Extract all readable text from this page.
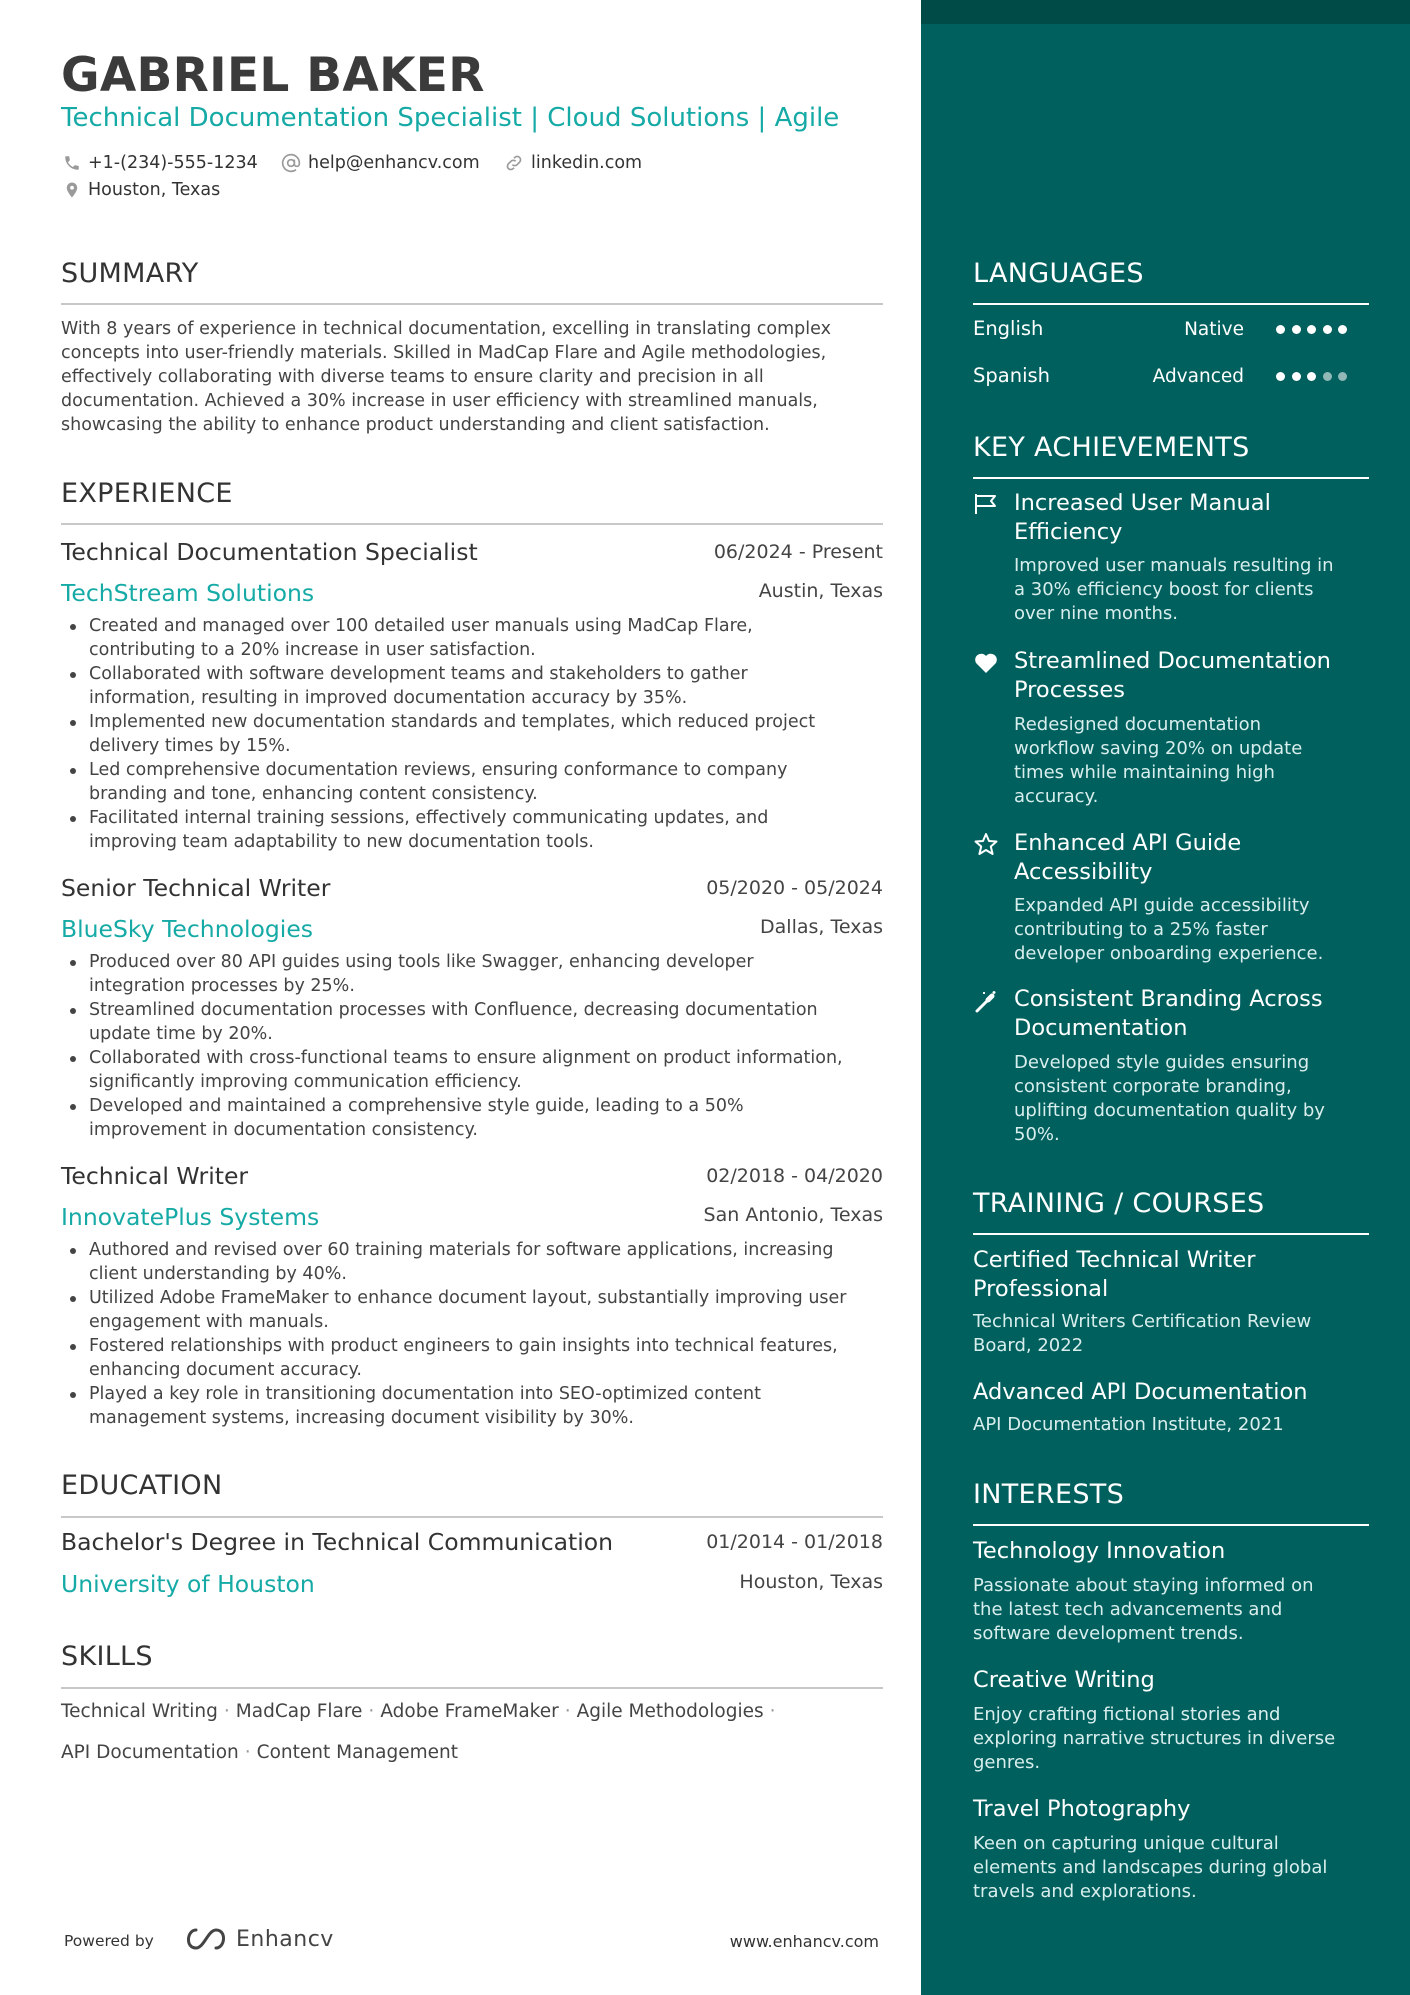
GABRIEL BAKER
Technical Documentation Specialist | Cloud Solutions | Agile
+1-(234)-555-1234	help@enhancv.com	linkedin.com
Houston, Texas
SUMMARY
With 8 years of experience in technical documentation, excelling in translating complex
concepts into user-friendly materials. Skilled in MadCap Flare and Agile methodologies,
effectively collaborating with diverse teams to ensure clarity and precision in all
documentation. Achieved a 30% increase in user efficiency with streamlined manuals,
showcasing the ability to enhance product understanding and client satisfaction.
EXPERIENCE
Technical Documentation Specialist	06/2024 - Present
TechStream Solutions	Austin, Texas
Created and managed over 100 detailed user manuals using MadCap Flare,
contributing to a 20% increase in user satisfaction.
Collaborated with software development teams and stakeholders to gather
information, resulting in improved documentation accuracy by 35%.
Implemented new documentation standards and templates, which reduced project
delivery times by 15%.
Led comprehensive documentation reviews, ensuring conformance to company
branding and tone, enhancing content consistency.
Facilitated internal training sessions, effectively communicating updates, and
improving team adaptability to new documentation tools.
Senior Technical Writer	05/2020 - 05/2024
BlueSky Technologies	Dallas, Texas
Produced over 80 API guides using tools like Swagger, enhancing developer
integration processes by 25%.
Streamlined documentation processes with Confluence, decreasing documentation
update time by 20%.
Collaborated with cross-functional teams to ensure alignment on product information,
significantly improving communication efficiency.
Developed and maintained a comprehensive style guide, leading to a 50%
improvement in documentation consistency.
Technical Writer	02/2018 - 04/2020
InnovatePlus Systems	San Antonio, Texas
Authored and revised over 60 training materials for software applications, increasing
client understanding by 40%.
Utilized Adobe FrameMaker to enhance document layout, substantially improving user
engagement with manuals.
Fostered relationships with product engineers to gain insights into technical features,
enhancing document accuracy.
Played a key role in transitioning documentation into SEO-optimized content
management systems, increasing document visibility by 30%.
EDUCATION
Bachelor's Degree in Technical Communication	01/2014 - 01/2018
University of Houston	Houston, Texas
SKILLS
Technical Writing · MadCap Flare · Adobe FrameMaker · Agile Methodologies ·
API Documentation · Content Management
Powered by	Enhancv	www.enhancv.com
LANGUAGES
English	Native
Spanish	Advanced
KEY ACHIEVEMENTS
Increased User Manual
Efficiency
Improved user manuals resulting in
a 30% efficiency boost for clients
over nine months.
Streamlined Documentation
Processes
Redesigned documentation
workflow saving 20% on update
times while maintaining high
accuracy.
Enhanced API Guide
Accessibility
Expanded API guide accessibility
contributing to a 25% faster
developer onboarding experience.
Consistent Branding Across
Documentation
Developed style guides ensuring
consistent corporate branding,
uplifting documentation quality by
50%.
TRAINING / COURSES
Certified Technical Writer
Professional
Technical Writers Certification Review
Board, 2022
Advanced API Documentation
API Documentation Institute, 2021
INTERESTS
Technology Innovation
Passionate about staying informed on
the latest tech advancements and
software development trends.
Creative Writing
Enjoy crafting fictional stories and
exploring narrative structures in diverse
genres.
Travel Photography
Keen on capturing unique cultural
elements and landscapes during global
travels and explorations.
